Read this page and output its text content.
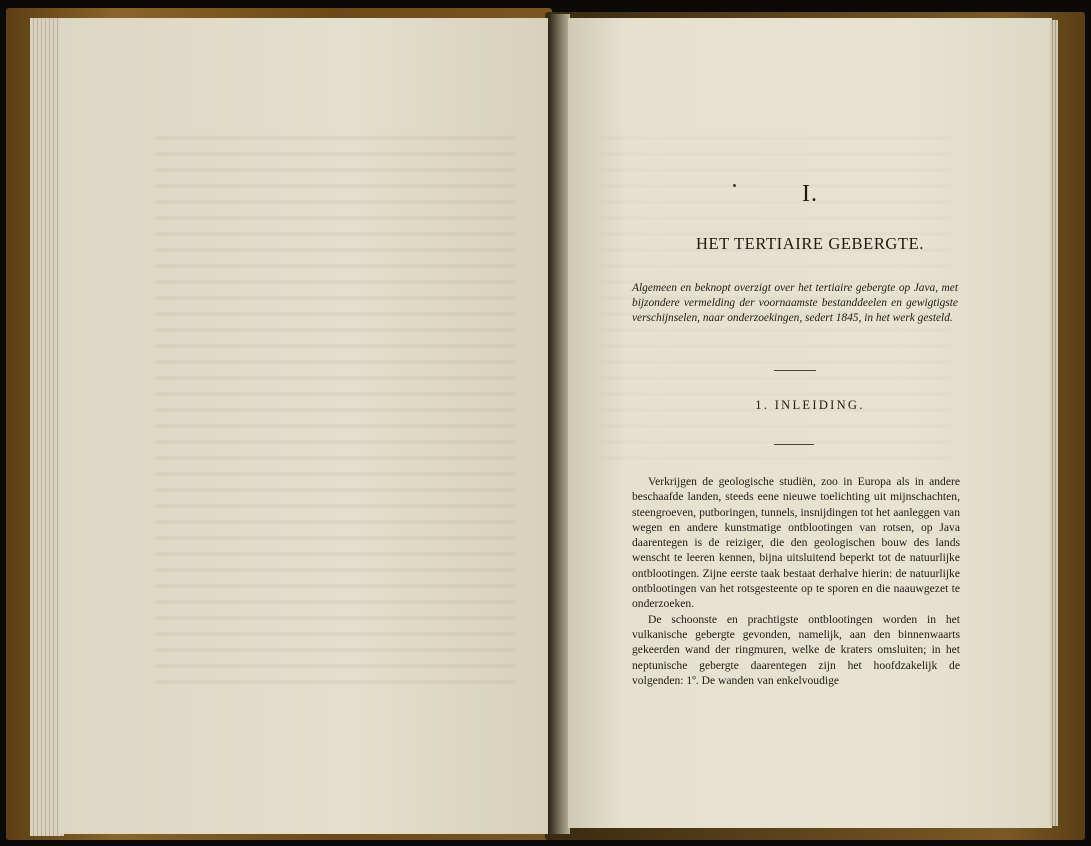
I.
HET TERTIAIRE GEBERGTE.
Algemeen en beknopt overzigt over het tertiaire gebergte op Java, met bijzondere vermelding der voornaamste bestanddeelen en gewigtigste verschijnselen, naar onderzoekingen, sedert 1845, in het werk gesteld.
1. INLEIDING.

Verkrijgen de geologische studiën, zoo in Europa als in andere beschaafde landen, steeds eene nieuwe toelichting uit mijnschachten, steengroeven, putboringen, tunnels, insnijdingen tot het aanleggen van wegen en andere kunstmatige ontblootingen van rotsen, op Java daarentegen is de reiziger, die den geologischen bouw des lands wenscht te leeren kennen, bijna uitsluitend beperkt tot de natuurlijke ontblootingen. Zijne eerste taak bestaat derhalve hierin: de natuurlijke ontblootingen van het rotsgesteente op te sporen en die naauwgezet te onderzoeken.

De schoonste en prachtigste ontblootingen worden in het vulkanische gebergte gevonden, namelijk, aan den binnenwaarts gekeerden wand der ringmuren, welke de kraters omsluiten; in het neptunische gebergte daarentegen zijn het hoofdzakelijk de volgenden: 1º. De wanden van enkelvoudige
